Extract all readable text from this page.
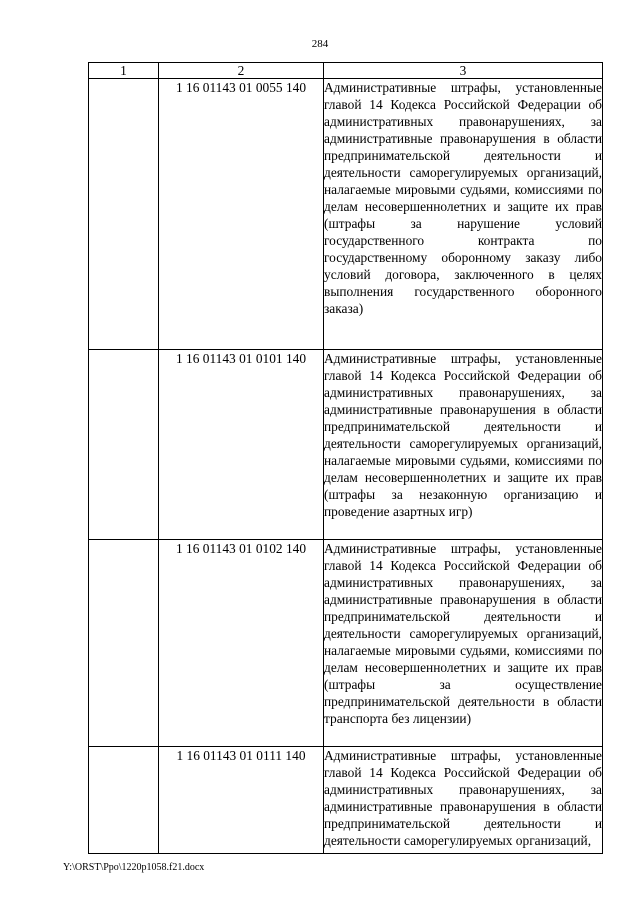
284
1	2	3
	1 16 01143 01 0055 140	Административные штрафы, установленные главой 14 Кодекса Российской Федерации об административных правонарушениях, за административные правонарушения в области предпринимательской деятельности и деятельности саморегулируемых организаций, налагаемые мировыми судьями, комиссиями по делам несовершеннолетних и защите их прав (штрафы за нарушение условий государственного контракта по государственному оборонному заказу либо условий договора, заключенного в целях выполнения государственного оборонного заказа)
	1 16 01143 01 0101 140	Административные штрафы, установленные главой 14 Кодекса Российской Федерации об административных правонарушениях, за административные правонарушения в области предпринимательской деятельности и деятельности саморегулируемых организаций, налагаемые мировыми судьями, комиссиями по делам несовершеннолетних и защите их прав (штрафы за незаконную организацию и проведение азартных игр)
	1 16 01143 01 0102 140	Административные штрафы, установленные главой 14 Кодекса Российской Федерации об административных правонарушениях, за административные правонарушения в области предпринимательской деятельности и деятельности саморегулируемых организаций, налагаемые мировыми судьями, комиссиями по делам несовершеннолетних и защите их прав (штрафы за осуществление предпринимательской деятельности в области транспорта без лицензии)
	1 16 01143 01 0111 140	Административные штрафы, установленные главой 14 Кодекса Российской Федерации об административных правонарушениях, за административные правонарушения в области предпринимательской деятельности и деятельности саморегулируемых организаций,
Y:\ORST\Ppo\1220p1058.f21.docx
